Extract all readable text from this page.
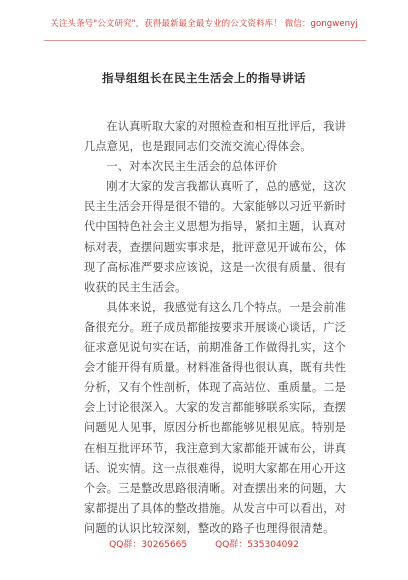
关注头条号"公文研究"，获得最新最全最专业的公文资料库！ 微信：gongwenyj
指导组组长在民主生活会上的指导讲话

在认真听取大家的对照检查和相互批评后，我讲几点意见，也是跟同志们交流交流心得体会。

一、对本次民主生活会的总体评价

刚才大家的发言我都认真听了，总的感觉，这次民主生活会开得是很不错的。大家能够以习近平新时代中国特色社会主义思想为指导，紧扣主题，认真对标对表，查摆问题实事求是，批评意见开诚布公，体现了高标准严要求应该说，这是一次很有质量、很有收获的民主生活会。

具体来说，我感觉有这么几个特点。一是会前准备很充分。班子成员都能按要求开展谈心谈话，广泛征求意见说句实在话，前期准备工作做得扎实，这个会才能开得有质量。材料准备得也很认真，既有共性分析，又有个性剖析，体现了高站位、重质量。二是会上讨论很深入。大家的发言都能够联系实际，查摆问题见人见事，原因分析也都能够见根见底。特别是在相互批评环节，我注意到大家都能开诚布公，讲真话、说实情。这一点很难得，说明大家都在用心开这个会。三是整改思路很清晰。对查摆出来的问题，大家都提出了具体的整改措施。从发言中可以看出，对问题的认识比较深刻，整改的路子也理得很清楚。

QQ群：30265665	QQ群：535304092
